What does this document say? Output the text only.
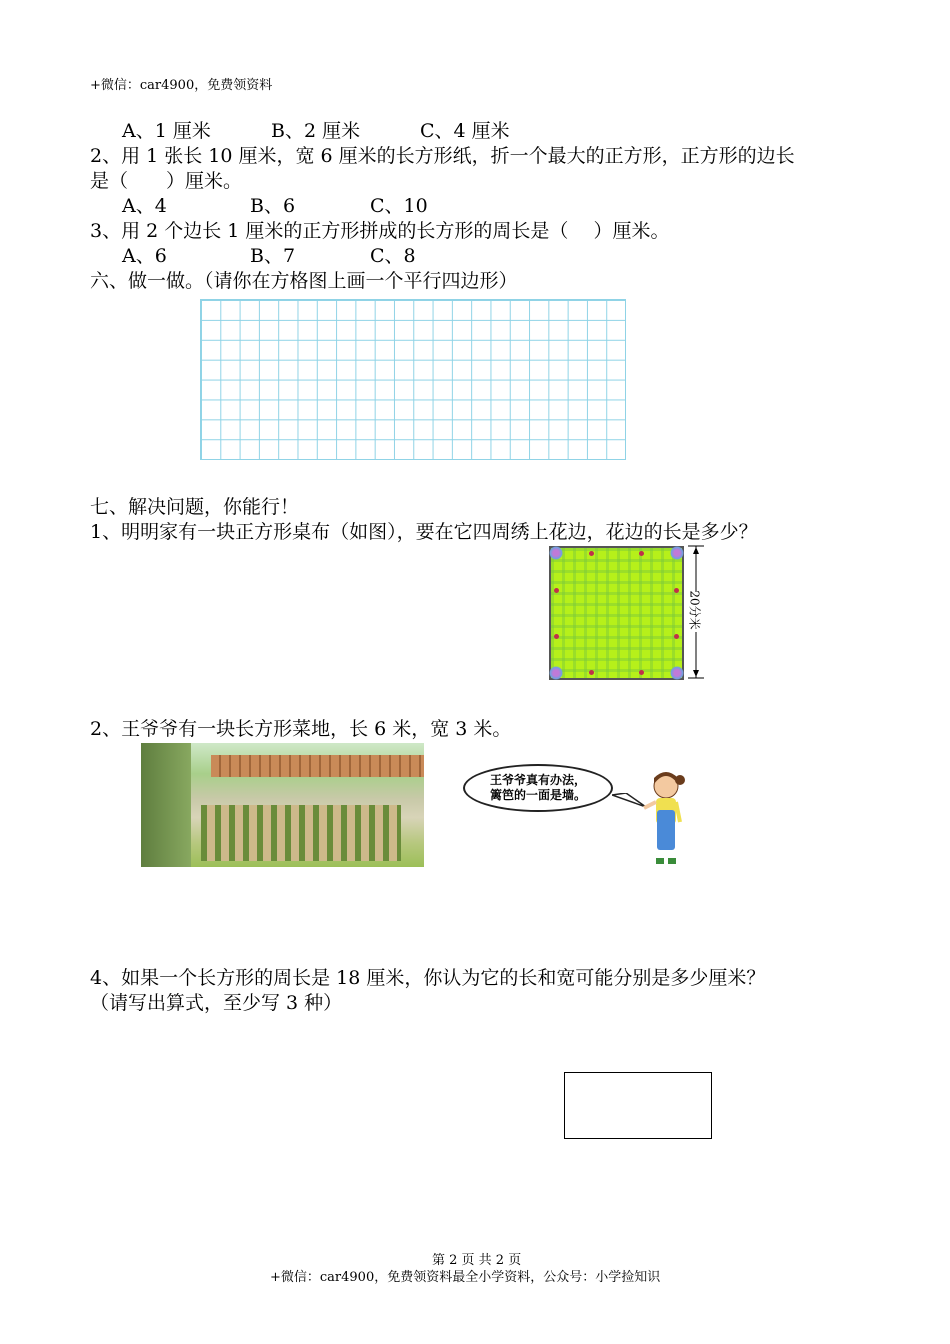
+微信：car4900，免费领资料
A、1 厘米	B、2 厘米	C、4 厘米
2、用 1 张长 10 厘米，宽 6 厘米的长方形纸，折一个最大的正方形，正方形的边长
是（　　）厘米。
A、4	B、6	C、10
3、用 2 个边长 1 厘米的正方形拼成的长方形的周长是（　 ）厘米。
A、6	B、7	C、8
六、做一做。（请你在方格图上画一个平行四边形）
七、解决问题，你能行！
1、明明家有一块正方形桌布（如图），要在它四周绣上花边，花边的长是多少？
20分米
2、王爷爷有一块长方形菜地，长 6 米，宽 3 米。
王爷爷真有办法，
篱笆的一面是墙。
4、如果一个长方形的周长是 18 厘米，你认为它的长和宽可能分别是多少厘米？
（请写出算式，至少写 3 种）
第 2 页 共 2 页
+微信：car4900，免费领资料最全小学资料，公众号：小学捡知识
